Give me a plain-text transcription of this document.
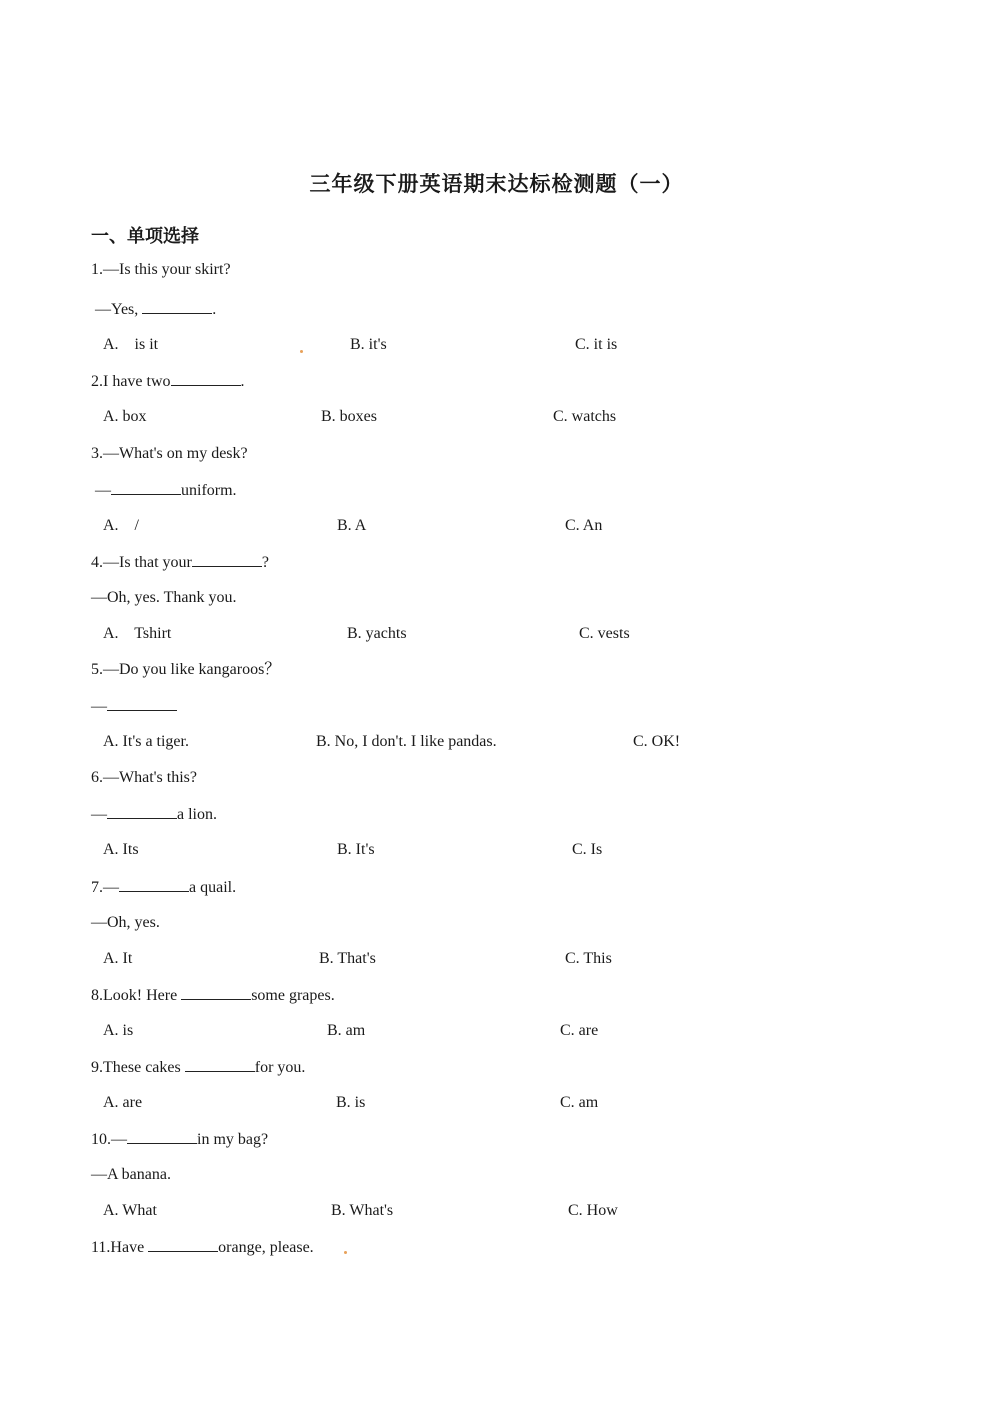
三年级下册英语期末达标检测题（一）
一、单项选择
1.—Is this your skirt?
—Yes,	.
A.    is it	B. it's	C. it is
2.I have two	.
A. box	B. boxes	C. watchs
3.—What's on my desk?
—	uniform.
A.    /	B. A	C. An
4.—Is that your	?
—Oh, yes. Thank you.
A.    Tshirt	B. yachts	C. vests
5.—Do you like kangaroos？
—
A. It's a tiger.	B. No, I don't. I like pandas.	C. OK!
6.—What's this?
—	a lion.
A. Its	B. It's	C. Is
7.—	a quail.
—Oh, yes.
A. It	B. That's	C. This
8.Look! Here	some grapes.
A. is	B. am	C. are
9.These cakes	for you.
A. are	B. is	C. am
10.—	in my bag?
—A banana.
A. What	B. What's	C. How
11.Have	orange, please.
